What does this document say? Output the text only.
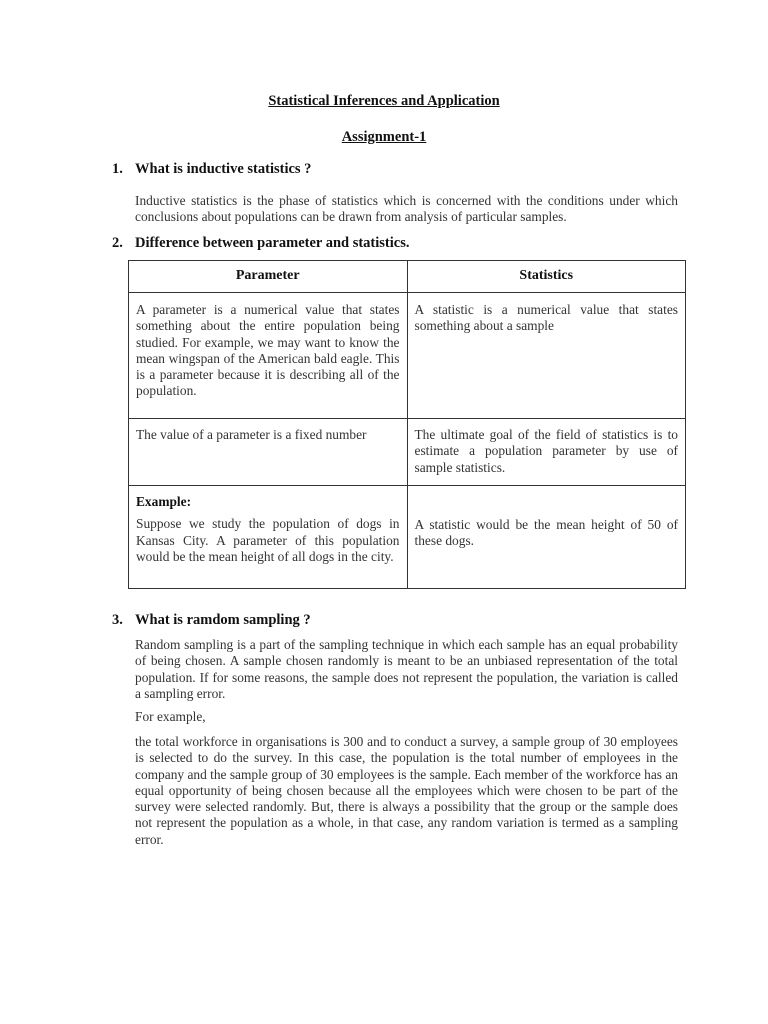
Statistical Inferences and Application
Assignment-1
1. What is inductive statistics ?
Inductive statistics is the phase of statistics which is concerned with the conditions under which conclusions about populations can be drawn from analysis of particular samples.
2. Difference between parameter and statistics.
Parameter	Statistics
A parameter is a numerical value that states something about the entire population being studied. For example, we may want to know the mean wingspan of the American bald eagle. This is a parameter because it is describing all of the population.	A statistic is a numerical value that states something about a sample
The value of a parameter is a fixed number	The ultimate goal of the field of statistics is to estimate a population parameter by use of sample statistics.

Example:
Suppose we study the population of dogs in Kansas City. A parameter of this population would be the mean height of all dogs in the city.	A statistic would be the mean height of 50 of these dogs.
3. What is ramdom sampling ?
Random sampling is a part of the sampling technique in which each sample has an equal probability of being chosen. A sample chosen randomly is meant to be an unbiased representation of the total population. If for some reasons, the sample does not represent the population, the variation is called a sampling error.
For example,
the total workforce in organisations is 300 and to conduct a survey, a sample group of 30 employees is selected to do the survey. In this case, the population is the total number of employees in the company and the sample group of 30 employees is the sample. Each member of the workforce has an equal opportunity of being chosen because all the employees which were chosen to be part of the survey were selected randomly. But, there is always a possibility that the group or the sample does not represent the population as a whole, in that case, any random variation is termed as a sampling error.
